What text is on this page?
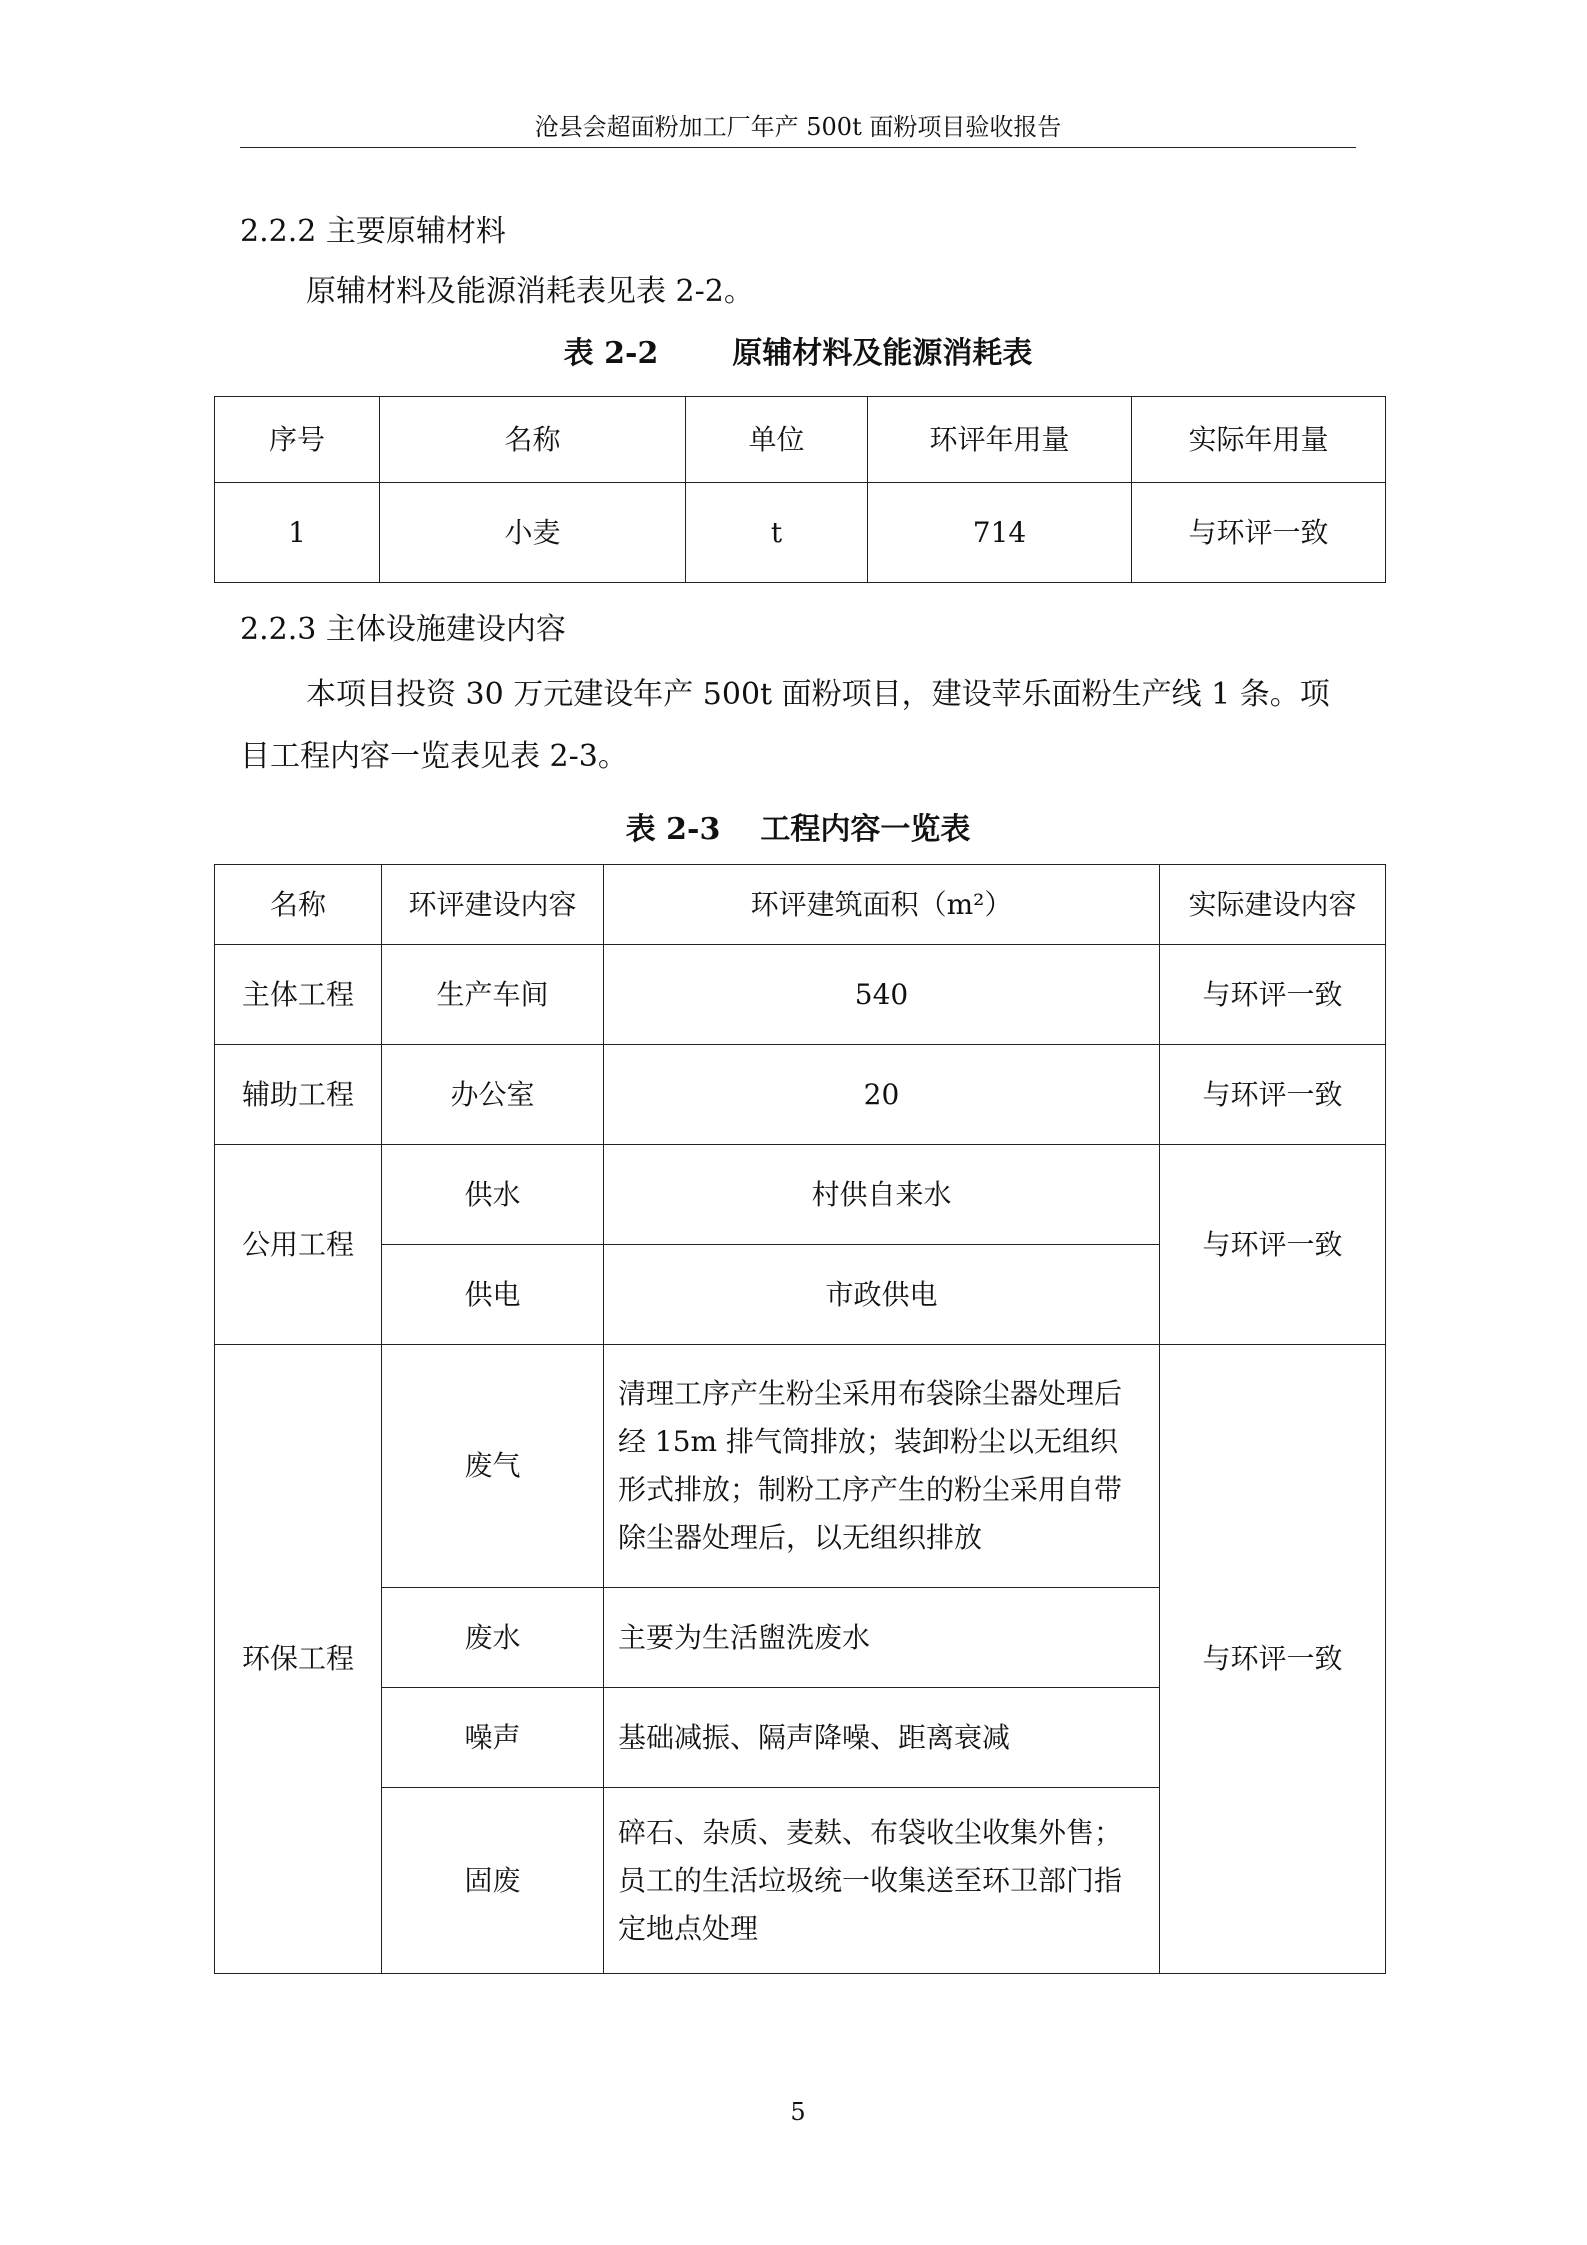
沧县会超面粉加工厂年产 500t 面粉项目验收报告
2.2.2 主要原辅材料
原辅材料及能源消耗表见表 2-2。
表 2-2 原辅材料及能源消耗表
序号	名称	单位	环评年用量	实际年用量
1	小麦	t	714	与环评一致
2.2.3 主体设施建设内容
本项目投资 30 万元建设年产 500t 面粉项目，建设苹乐面粉生产线 1 条。项目工程内容一览表见表 2-3。
表 2-3 工程内容一览表
名称	环评建设内容	环评建筑面积（m²）	实际建设内容
主体工程	生产车间	540	与环评一致
辅助工程	办公室	20	与环评一致
公用工程	供水	村供自来水	与环评一致
	供电	市政供电	
环保工程	废气	清理工序产生粉尘采用布袋除尘器处理后经 15m 排气筒排放；装卸粉尘以无组织形式排放；制粉工序产生的粉尘采用自带除尘器处理后，以无组织排放	与环评一致
	废水	主要为生活盥洗废水	
	噪声	基础减振、隔声降噪、距离衰减	
	固废	碎石、杂质、麦麸、布袋收尘收集外售；员工的生活垃圾统一收集送至环卫部门指定地点处理	
5
